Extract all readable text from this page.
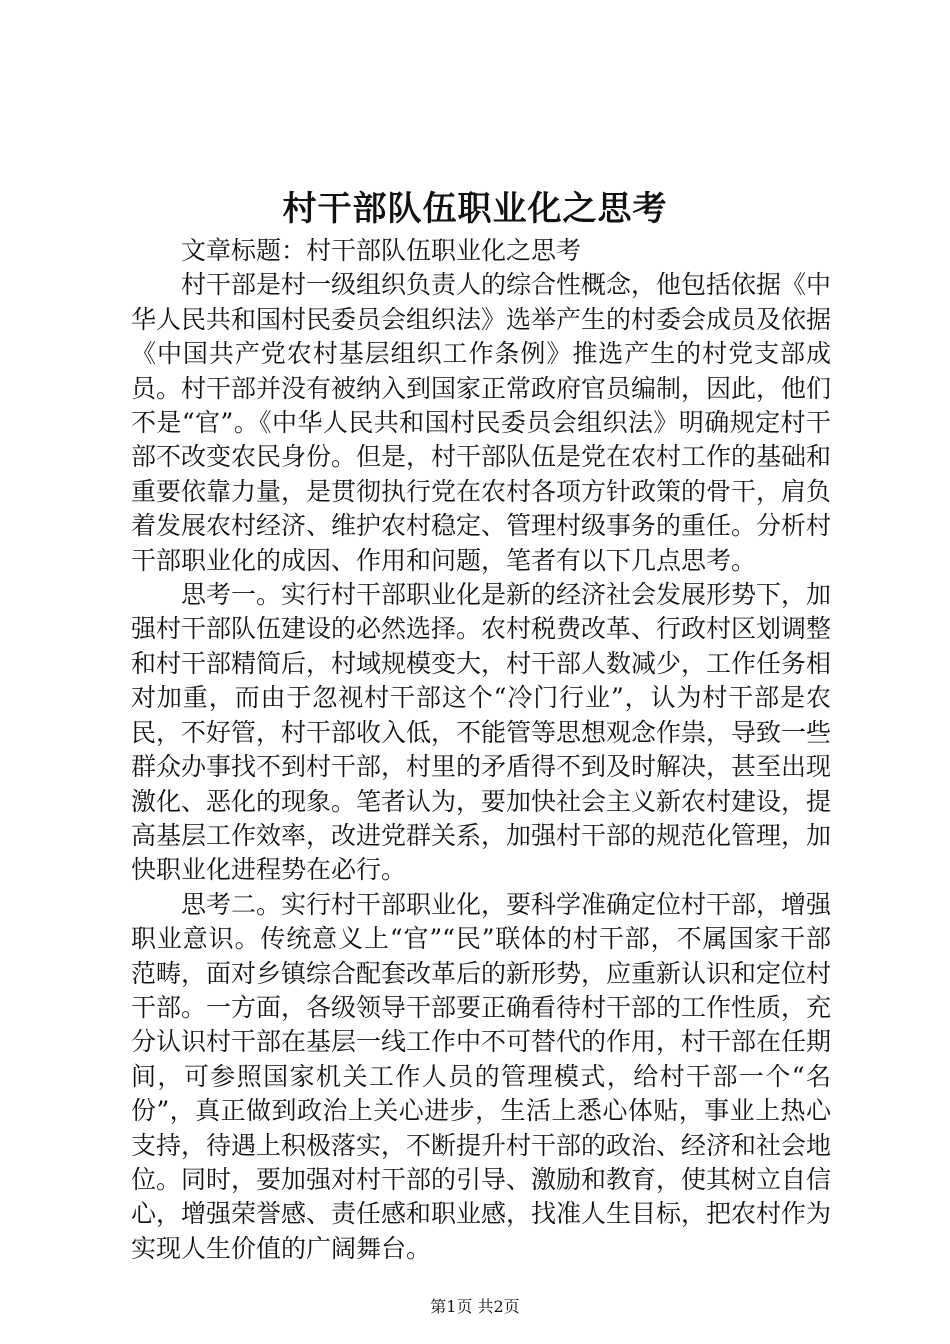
村干部队伍职业化之思考

文章标题：村干部队伍职业化之思考

村干部是村一级组织负责人的综合性概念，他包括依据《中华人民共和国村民委员会组织法》选举产生的村委会成员及依据《中国共产党农村基层组织工作条例》推选产生的村党支部成员。村干部并没有被纳入到国家正常政府官员编制，因此，他们不是“官”。《中华人民共和国村民委员会组织法》明确规定村干部不改变农民身份。但是，村干部队伍是党在农村工作的基础和重要依靠力量，是贯彻执行党在农村各项方针政策的骨干，肩负着发展农村经济、维护农村稳定、管理村级事务的重任。分析村干部职业化的成因、作用和问题，笔者有以下几点思考。

思考一。实行村干部职业化是新的经济社会发展形势下，加强村干部队伍建设的必然选择。农村税费改革、行政村区划调整和村干部精简后，村域规模变大，村干部人数减少，工作任务相对加重，而由于忽视村干部这个“冷门行业”，认为村干部是农民，不好管，村干部收入低，不能管等思想观念作祟，导致一些群众办事找不到村干部，村里的矛盾得不到及时解决，甚至出现激化、恶化的现象。笔者认为，要加快社会主义新农村建设，提高基层工作效率，改进党群关系，加强村干部的规范化管理，加快职业化进程势在必行。

思考二。实行村干部职业化，要科学准确定位村干部，增强职业意识。传统意义上“官”“民”联体的村干部，不属国家干部范畴，面对乡镇综合配套改革后的新形势，应重新认识和定位村干部。一方面，各级领导干部要正确看待村干部的工作性质，充分认识村干部在基层一线工作中不可替代的作用，村干部在任期间，可参照国家机关工作人员的管理模式，给村干部一个“名份”，真正做到政治上关心进步，生活上悉心体贴，事业上热心支持，待遇上积极落实，不断提升村干部的政治、经济和社会地位。同时，要加强对村干部的引导、激励和教育，使其树立自信心，增强荣誉感、责任感和职业感，找准人生目标，把农村作为实现人生价值的广阔舞台。

第1页 共2页
